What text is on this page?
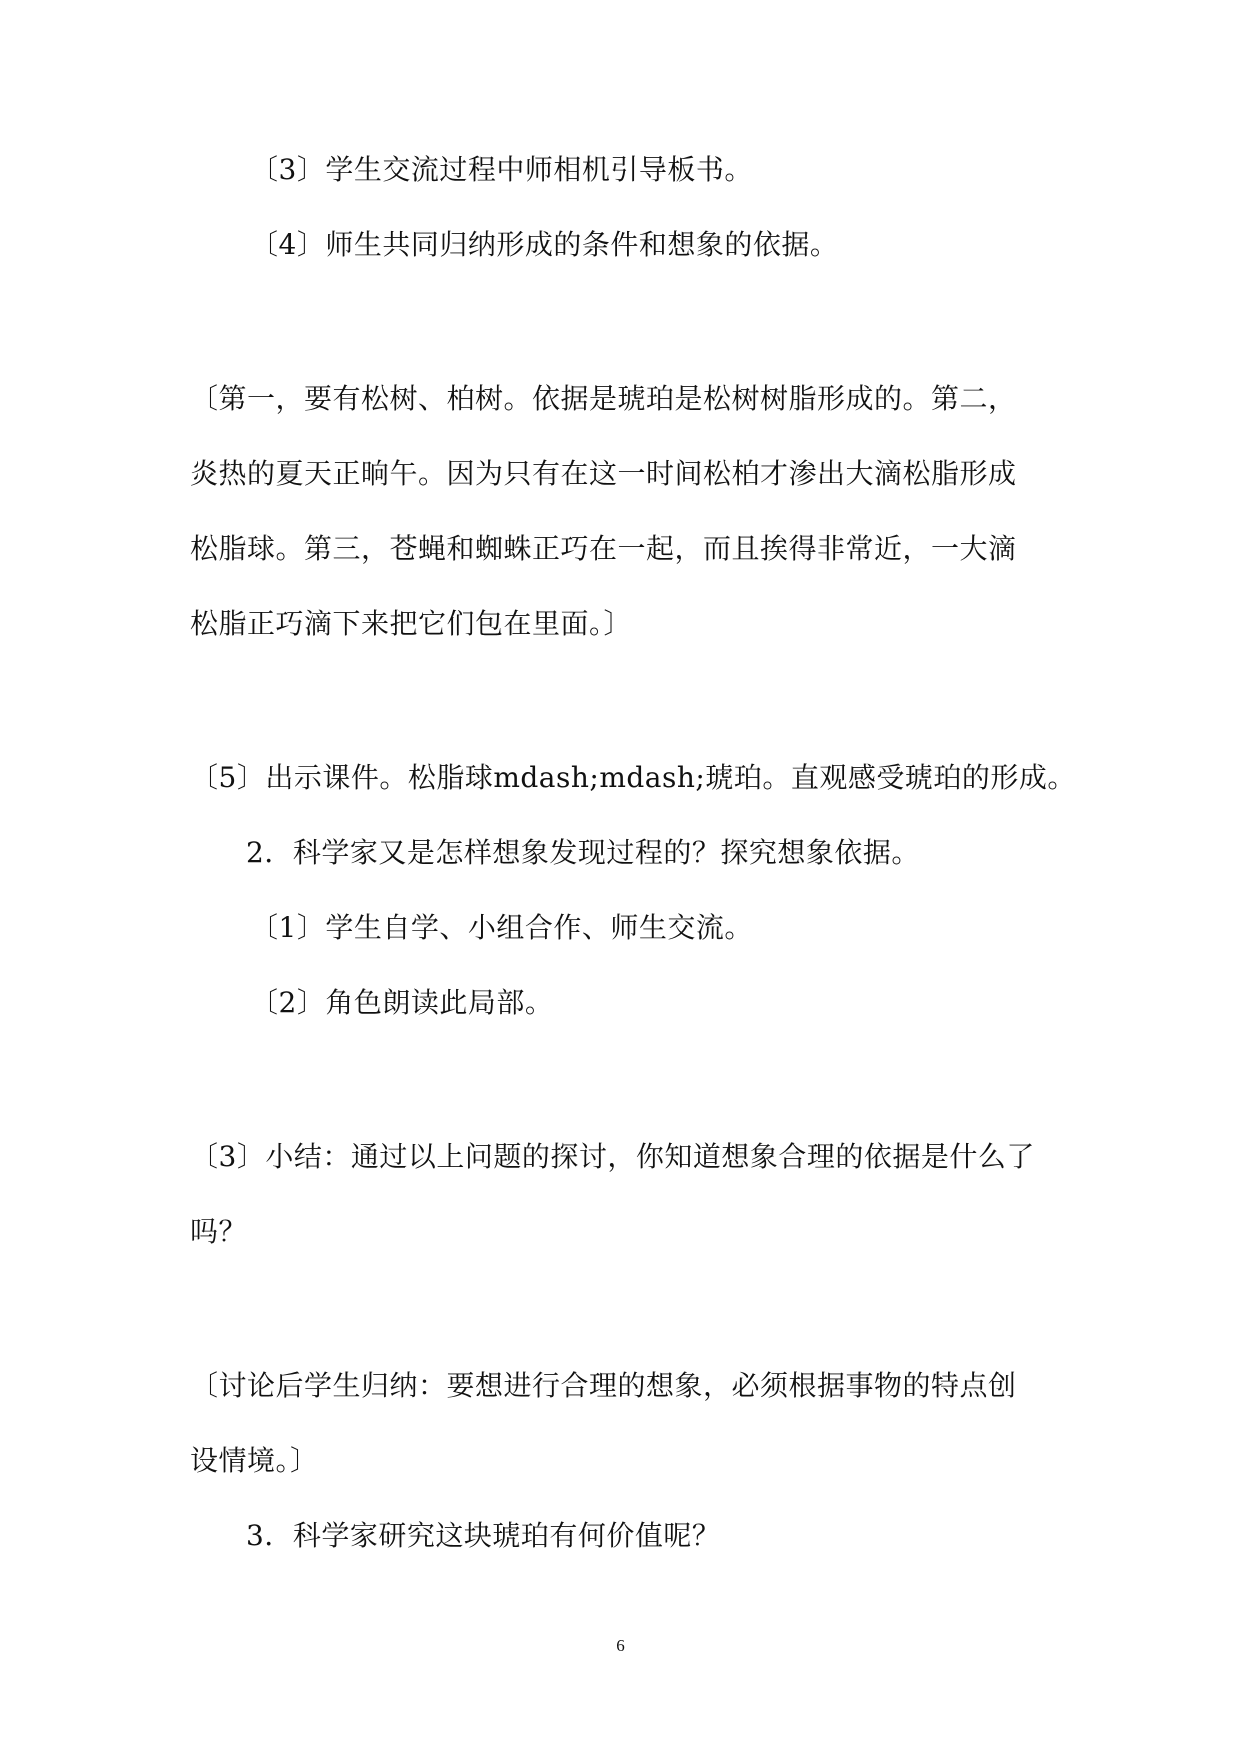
〔3〕学生交流过程中师相机引导板书。
〔4〕师生共同归纳形成的条件和想象的依据。
〔第一，要有松树、柏树。依据是琥珀是松树树脂形成的。第二，
炎热的夏天正晌午。因为只有在这一时间松柏才渗出大滴松脂形成
松脂球。第三，苍蝇和蜘蛛正巧在一起，而且挨得非常近，一大滴
松脂正巧滴下来把它们包在里面。〕
〔5〕出示课件。松脂球mdash;mdash;琥珀。直观感受琥珀的形成。
2．科学家又是怎样想象发现过程的？探究想象依据。
〔1〕学生自学、小组合作、师生交流。
〔2〕角色朗读此局部。
〔3〕小结：通过以上问题的探讨，你知道想象合理的依据是什么了
吗？
〔讨论后学生归纳：要想进行合理的想象，必须根据事物的特点创
设情境。〕
3．科学家研究这块琥珀有何价值呢？
6
